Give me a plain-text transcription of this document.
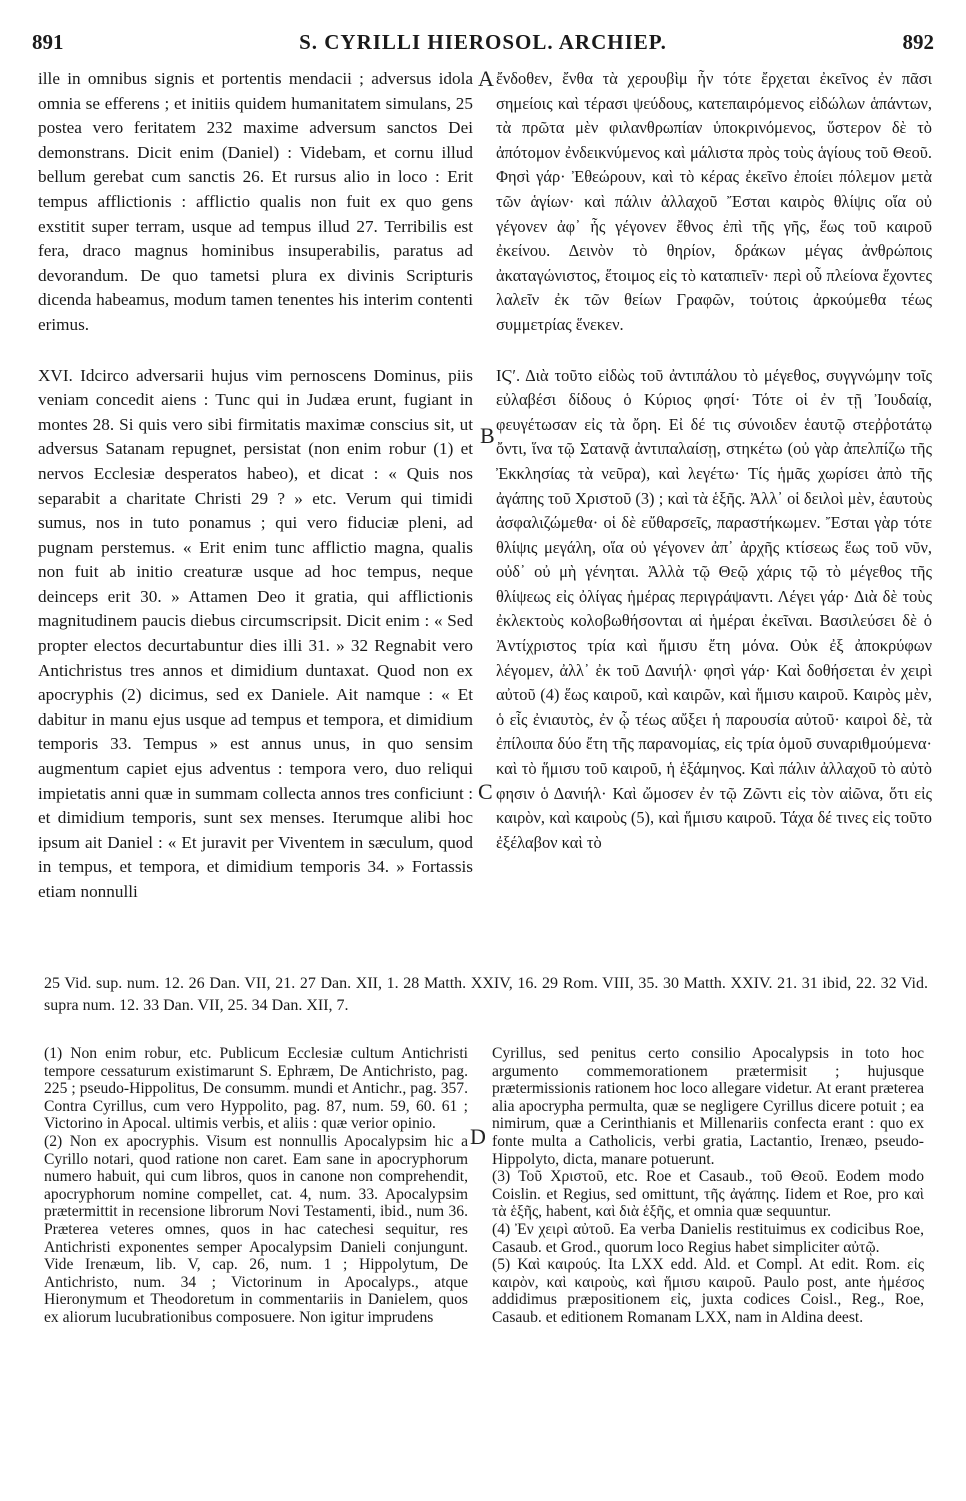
891	S. CYRILLI HIEROSOL. ARCHIEP.	892
A
B
C
D

ille in omnibus signis et portentis mendacii ; adversus idola omnia se efferens ; et initiis quidem humanitatem simulans, 25 postea vero feritatem 232 maxime adversum sanctos Dei demonstrans. Dicit enim (Daniel) : Videbam, et cornu illud bellum gerebat cum sanctis 26. Et rursus alio in loco : Erit tempus afflictionis : afflictio qualis non fuit ex quo gens exstitit super terram, usque ad tempus illud 27. Terribilis est fera, draco magnus hominibus insuperabilis, paratus ad devorandum. De quo tametsi plura ex divinis Scripturis dicenda habeamus, modum tamen tenentes his interim contenti erimus.

XVI. Idcirco adversarii hujus vim pernoscens Dominus, piis veniam concedit aiens : Tunc qui in Judæa erunt, fugiant in montes 28. Si quis vero sibi firmitatis maximæ conscius sit, ut adversus Satanam repugnet, persistat (non enim robur (1) et nervos Ecclesiæ desperatos habeo), et dicat : « Quis nos separabit a charitate Christi 29 ? » etc. Verum qui timidi sumus, nos in tuto ponamus ; qui vero fiduciæ pleni, ad pugnam perstemus. « Erit enim tunc afflictio magna, qualis non fuit ab initio creaturæ usque ad hoc tempus, neque deinceps erit 30. » Attamen Deo it gratia, qui afflictionis magnitudinem paucis diebus circumscripsit. Dicit enim : « Sed propter electos decurtabuntur dies illi 31. » 32 Regnabit vero Antichristus tres annos et dimidium duntaxat. Quod non ex apocryphis (2) dicimus, sed ex Daniele. Ait namque : « Et dabitur in manu ejus usque ad tempus et tempora, et dimidium temporis 33. Tempus » est annus unus, in quo sensim augmentum capiet ejus adventus : tempora vero, duo reliqui impietatis anni quæ in summam collecta annos tres conficiunt : et dimidium temporis, sunt sex menses. Iterumque alibi hoc ipsum ait Daniel : « Et juravit per Viventem in sæculum, quod in tempus, et tempora, et dimidium temporis 34. » Fortassis etiam nonnulli

ἔνδοθεν, ἔνθα τὰ χερουβὶμ ἦν τότε ἔρχεται ἐκεῖνος ἐν πᾶσι σημείοις καὶ τέρασι ψεύδους, κατεπαιρόμενος εἰδώλων ἁπάντων, τὰ πρῶτα μὲν φιλανθρωπίαν ὑποκρινόμενος, ὕστερον δὲ τὸ ἀπότομον ἐνδεικνύμενος καὶ μάλιστα πρὸς τοὺς ἁγίους τοῦ Θεοῦ. Φησὶ γάρ· Ἐθεώρουν, καὶ τὸ κέρας ἐκεῖνο ἐποίει πόλεμον μετὰ τῶν ἁγίων· καὶ πάλιν ἀλλαχοῦ Ἔσται καιρὸς θλίψις οἵα οὐ γέγονεν ἀφ᾽ ἧς γέγονεν ἔθνος ἐπὶ τῆς γῆς, ἕως τοῦ καιροῦ ἐκείνου. Δεινὸν τὸ θηρίον, δράκων μέγας ἀνθρώποις ἀκαταγώνιστος, ἕτοιμος εἰς τὸ καταπιεῖν· περὶ οὗ πλείονα ἔχοντες λαλεῖν ἐκ τῶν θείων Γραφῶν, τούτοις ἀρκούμεθα τέως συμμετρίας ἕνεκεν.

ΙϚʹ. Διὰ τοῦτο εἰδὼς τοῦ ἀντιπάλου τὸ μέγεθος, συγγνώμην τοῖς εὐλαβέσι δίδους ὁ Κύριος φησί· Τότε οἱ ἐν τῇ Ἰουδαίᾳ, φευγέτωσαν εἰς τὰ ὄρη. Εἰ δέ τις σύνοιδεν ἑαυτῷ στεῤῥοτάτῳ ὄντι, ἵνα τῷ Σατανᾷ ἀντιπαλαίσῃ, στηκέτω (οὐ γὰρ ἀπελπίζω τῆς Ἐκκλησίας τὰ νεῦρα), καὶ λεγέτω· Τίς ἡμᾶς χωρίσει ἀπὸ τῆς ἀγάπης τοῦ Χριστοῦ (3) ; καὶ τὰ ἑξῆς. Ἀλλ᾽ οἱ δειλοὶ μὲν, ἑαυτοὺς ἀσφαλιζώμεθα· οἱ δὲ εὔθαρσεῖς, παραστήκωμεν. Ἔσται γὰρ τότε θλίψις μεγάλη, οἵα οὐ γέγονεν ἀπ᾽ ἀρχῆς κτίσεως ἕως τοῦ νῦν, οὐδ᾽ οὐ μὴ γένηται. Ἀλλὰ τῷ Θεῷ χάρις τῷ τὸ μέγεθος τῆς θλίψεως εἰς ὀλίγας ἡμέρας περιγράψαντι. Λέγει γάρ· Διὰ δὲ τοὺς ἐκλεκτοὺς κολοβωθήσονται αἱ ἡμέραι ἐκεῖναι. Βασιλεύσει δὲ ὁ Ἀντίχριστος τρία καὶ ἥμισυ ἔτη μόνα. Οὐκ ἐξ ἀποκρύφων λέγομεν, ἀλλ᾽ ἐκ τοῦ Δανιήλ· φησὶ γάρ· Καὶ δοθήσεται ἐν χειρὶ αὐτοῦ (4) ἕως καιροῦ, καὶ καιρῶν, καὶ ἥμισυ καιροῦ. Καιρὸς μὲν, ὁ εἷς ἐνιαυτὸς, ἐν ᾧ τέως αὔξει ἡ παρουσία αὐτοῦ· καιροὶ δὲ, τὰ ἐπίλοιπα δύο ἔτη τῆς παρανομίας, εἰς τρία ὁμοῦ συναριθμούμενα· καὶ τὸ ἥμισυ τοῦ καιροῦ, ἡ ἑξάμηνος. Καὶ πάλιν ἀλλαχοῦ τὸ αὐτὸ φησιν ὁ Δανιήλ· Καὶ ὤμοσεν ἐν τῷ Ζῶντι εἰς τὸν αἰῶνα, ὅτι εἰς καιρὸν, καὶ καιροὺς (5), καὶ ἥμισυ καιροῦ. Τάχα δέ τινες εἰς τοῦτο ἐξέλαβον καὶ τὸ

25 Vid. sup. num. 12. 26 Dan. VII, 21. 27 Dan. XII, 1. 28 Matth. XXIV, 16. 29 Rom. VIII, 35. 30 Matth. XXIV. 21. 31 ibid, 22. 32 Vid. supra num. 12. 33 Dan. VII, 25. 34 Dan. XII, 7.

(1) Non enim robur, etc. Publicum Ecclesiæ cultum Antichristi tempore cessaturum existimarunt S. Ephræm, De Antichristo, pag. 225 ; pseudo-Hippolitus, De consumm. mundi et Antichr., pag. 357. Contra Cyrillus, cum vero Hyppolito, pag. 87, num. 59, 60. 61 ; Victorino in Apocal. ultimis verbis, et aliis : quæ verior opinio.

(2) Non ex apocryphis. Visum est nonnullis Apocalypsim hic a Cyrillo notari, quod ratione non caret. Eam sane in apocryphorum numero habuit, qui cum libros, quos in canone non comprehendit, apocryphorum nomine compellet, cat. 4, num. 33. Apocalypsim prætermittit in recensione librorum Novi Testamenti, ibid., num 36. Præterea veteres omnes, quos in hac catechesi sequitur, res Antichristi exponentes semper Apocalypsim Danieli conjungunt. Vide Irenæum, lib. V, cap. 26, num. 1 ; Hippolytum, De Antichristo, num. 34 ; Victorinum in Apocalyps., atque Hieronymum et Theodoretum in commentariis in Danielem, quos ex aliorum lucubrationibus composuere. Non igitur imprudens

Cyrillus, sed penitus certo consilio Apocalypsis in toto hoc argumento commemorationem prætermisit ; hujusque prætermissionis rationem hoc loco allegare videtur. At erant præterea alia apocrypha permulta, quæ se negligere Cyrillus dicere potuit ; ea nimirum, quæ a Cerinthianis et Millenariis confecta erant : quo ex fonte multa a Catholicis, verbi gratia, Lactantio, Irenæo, pseudo-Hippolyto, dicta, manare potuerunt.

(3) Τοῦ Χριστοῦ, etc. Roe et Casaub., τοῦ Θεοῦ. Eodem modo Coislin. et Regius, sed omittunt, τῆς ἀγάπης. Iidem et Roe, pro καὶ τὰ ἑξῆς, habent, καὶ διὰ ἑξῆς, et omnia quæ sequuntur.

(4) Ἐν χειρὶ αὐτοῦ. Ea verba Danielis restituimus ex codicibus Roe, Casaub. et Grod., quorum loco Regius habet simpliciter αὐτῷ.

(5) Καὶ καιρούς. Ita LXX edd. Ald. et Compl. At edit. Rom. εἰς καιρὸν, καὶ καιροὺς, καὶ ἥμισυ καιροῦ. Paulo post, ante ἡμέσος addidimus præpositionem εἰς, juxta codices Coisl., Reg., Roe, Casaub. et editionem Romanam LXX, nam in Aldina deest.
